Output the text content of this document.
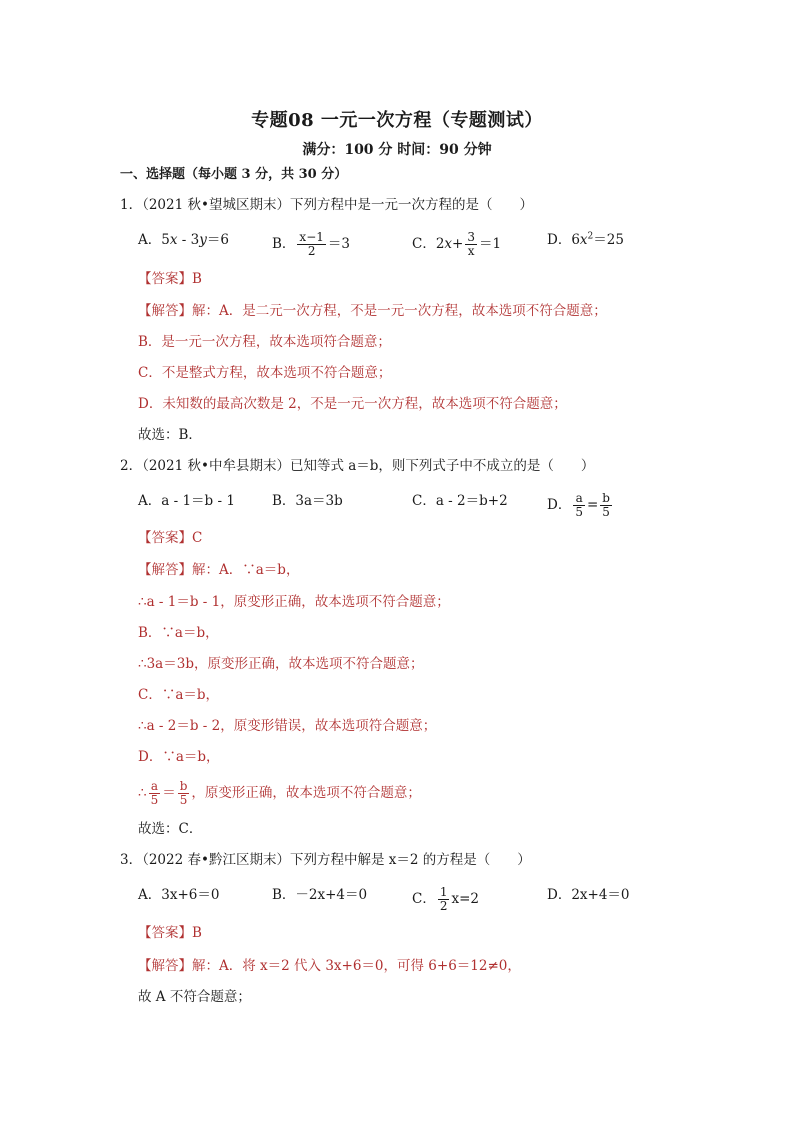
专题08 一元一次方程（专题测试）
满分：100 分 时间：90 分钟
一、选择题（每小题 3 分，共 30 分）
1．（2021 秋•望城区期末）下列方程中是一元一次方程的是（　　）
A．5x - 3y＝6	B． $\frac{x-1}{2} =3$	C．$2x+ \frac{3}{x} =1$	D．$6x^2=25$
【答案】B
【解答】解：A．是二元一次方程，不是一元一次方程，故本选项不符合题意；
B．是一元一次方程，故本选项符合题意；
C．不是整式方程，故本选项不符合题意；
D．未知数的最高次数是 2，不是一元一次方程，故本选项不符合题意；
故选：B．
2．（2021 秋•中牟县期末）已知等式 a＝b，则下列式子中不成立的是（　　）
A．a - 1＝b - 1	B．3a＝3b	C．a - 2＝b+2	D． $\frac{a}{5} = \frac{b}{5}$
【答案】C
【解答】解：A．∵a＝b，
∴a - 1＝b - 1，原变形正确，故本选项不符合题意；
B．∵a＝b，
∴3a＝3b，原变形正确，故本选项不符合题意；
C．∵a＝b，
∴a - 2＝b - 2，原变形错误，故本选项符合题意；
D．∵a＝b，
∴ $\frac{a}{5} = \frac{b}{5}$ ，原变形正确，故本选项不符合题意；
故选：C．
3．（2022 春•黔江区期末）下列方程中解是 x＝2 的方程是（　　）
A．3x+6＝0	B．－2x+4＝0	C． $\frac{1}{2} x=2$	D．2x+4＝0
【答案】B
【解答】解：A．将 x＝2 代入 3x+6＝0，可得 6+6＝12≠0，
故 A 不符合题意；
